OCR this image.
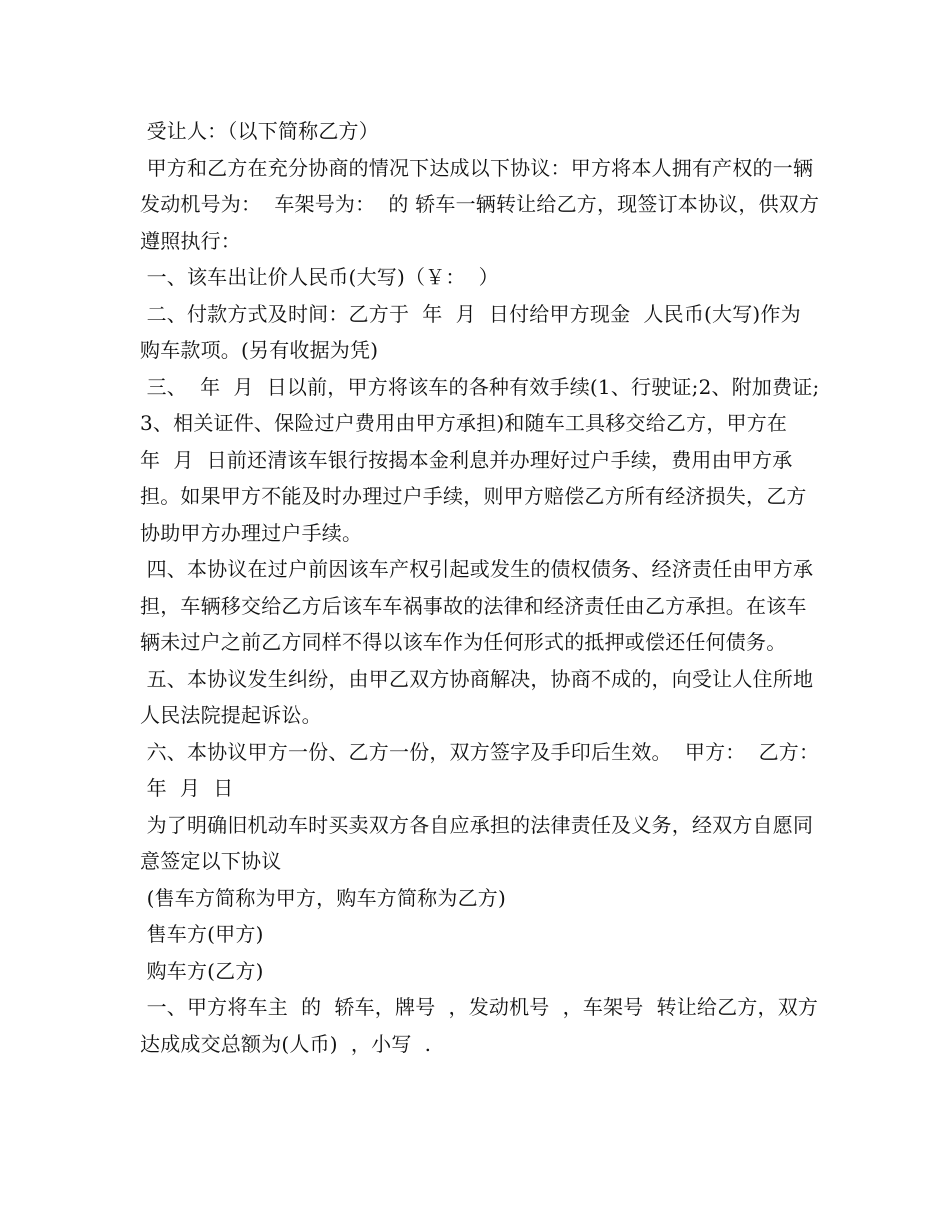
受让人：（以下简称乙方）

甲方和乙方在充分协商的情况下达成以下协议：甲方将本人拥有产权的一辆发动机号为：  车架号为：  的 轿车一辆转让给乙方，现签订本协议，供双方遵照执行：

一、该车出让价人民币(大写)（￥：  ）

二、付款方式及时间：乙方于  年  月  日付给甲方现金  人民币(大写)作为购车款项。(另有收据为凭)

三、  年  月  日以前，甲方将该车的各种有效手续(1、行驶证;2、附加费证;3、相关证件、保险过户费用由甲方承担)和随车工具移交给乙方，甲方在  年  月  日前还清该车银行按揭本金利息并办理好过户手续，费用由甲方承担。如果甲方不能及时办理过户手续，则甲方赔偿乙方所有经济损失，乙方协助甲方办理过户手续。

四、本协议在过户前因该车产权引起或发生的债权债务、经济责任由甲方承担，车辆移交给乙方后该车车祸事故的法律和经济责任由乙方承担。在该车辆未过户之前乙方同样不得以该车作为任何形式的抵押或偿还任何债务。

五、本协议发生纠纷，由甲乙双方协商解决，协商不成的，向受让人住所地人民法院提起诉讼。

六、本协议甲方一份、乙方一份，双方签字及手印后生效。  甲方：  乙方：

年  月  日

为了明确旧机动车时买卖双方各自应承担的法律责任及义务，经双方自愿同意签定以下协议

(售车方简称为甲方，购车方简称为乙方)

售车方(甲方)

购车方(乙方)

一、甲方将车主  的  轿车，牌号  ，发动机号  ，车架号  转让给乙方，双方达成成交总额为(人币)  ，小写  .
